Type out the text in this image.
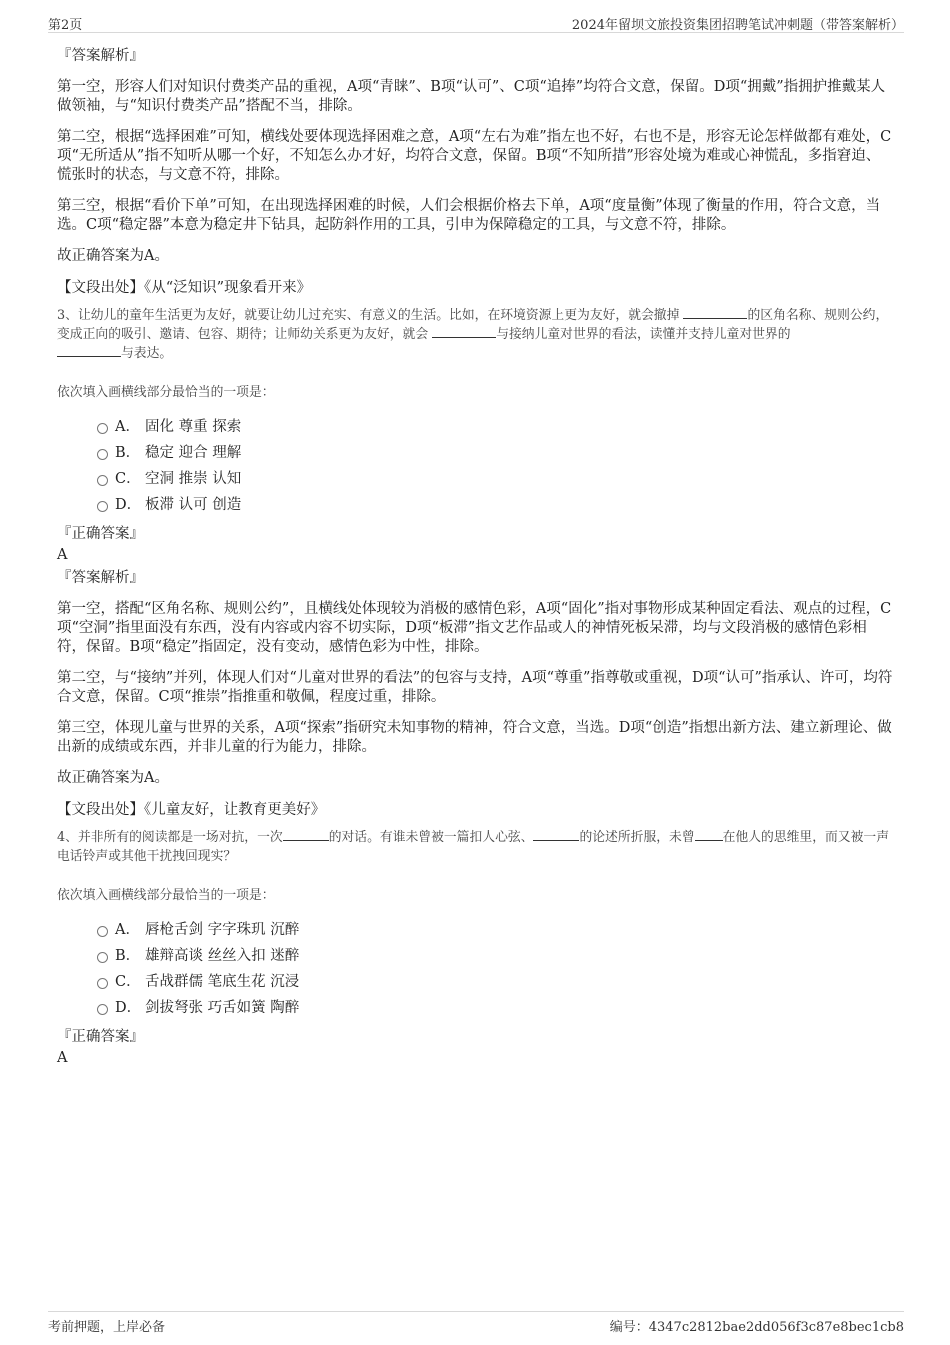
第2页	2024年留坝文旅投资集团招聘笔试冲刺题（带答案解析）

『答案解析』

第一空，形容人们对知识付费类产品的重视，A项“青睐”、B项“认可”、C项“追捧”均符合文意，保留。D项“拥戴”指拥护推戴某人做领袖，与“知识付费类产品”搭配不当，排除。

第二空，根据“选择困难”可知，横线处要体现选择困难之意，A项“左右为难”指左也不好，右也不是，形容无论怎样做都有难处，C项“无所适从”指不知听从哪一个好，不知怎么办才好，均符合文意，保留。B项“不知所措”形容处境为难或心神慌乱，多指窘迫、慌张时的状态，与文意不符，排除。

第三空，根据“看价下单”可知，在出现选择困难的时候，人们会根据价格去下单，A项“度量衡”体现了衡量的作用，符合文意，当选。C项“稳定器”本意为稳定井下钻具，起防斜作用的工具，引申为保障稳定的工具，与文意不符，排除。

故正确答案为A。

【文段出处】《从“泛知识”现象看开来》

3、让幼儿的童年生活更为友好，就要让幼儿过充实、有意义的生活。比如，在环境资源上更为友好，就会撤掉	的区角名称、规则公约，变成正向的吸引、邀请、包容、期待；让师幼关系更为友好，就会	与接纳儿童对世界的看法，读懂并支持儿童对世界的
与表达。

依次填入画横线部分最恰当的一项是：

A． 固化 尊重 探索
B． 稳定 迎合 理解
C． 空洞 推崇 认知
D． 板滞 认可 创造

『正确答案』

A

『答案解析』

第一空，搭配“区角名称、规则公约”，且横线处体现较为消极的感情色彩，A项“固化”指对事物形成某种固定看法、观点的过程，C项“空洞”指里面没有东西，没有内容或内容不切实际，D项“板滞”指文艺作品或人的神情死板呆滞，均与文段消极的感情色彩相符，保留。B项“稳定”指固定，没有变动，感情色彩为中性，排除。

第二空，与“接纳”并列，体现人们对“儿童对世界的看法”的包容与支持，A项“尊重”指尊敬或重视，D项“认可”指承认、许可，均符合文意，保留。C项“推崇”指推重和敬佩，程度过重，排除。

第三空，体现儿童与世界的关系，A项“探索”指研究未知事物的精神，符合文意，当选。D项“创造”指想出新方法、建立新理论、做出新的成绩或东西，并非儿童的行为能力，排除。

故正确答案为A。

【文段出处】《儿童友好，让教育更美好》

4、并非所有的阅读都是一场对抗，一次	的对话。有谁未曾被一篇扣人心弦、	的论述所折服，未曾 在他人的思维里，而又被一声电话铃声或其他干扰拽回现实？

依次填入画横线部分最恰当的一项是：

A． 唇枪舌剑 字字珠玑 沉醉
B． 雄辩高谈 丝丝入扣 迷醉
C． 舌战群儒 笔底生花 沉浸
D． 剑拔弩张 巧舌如簧 陶醉

『正确答案』

A

考前押题，上岸必备	编号：4347c2812bae2dd056f3c87e8bec1cb8
